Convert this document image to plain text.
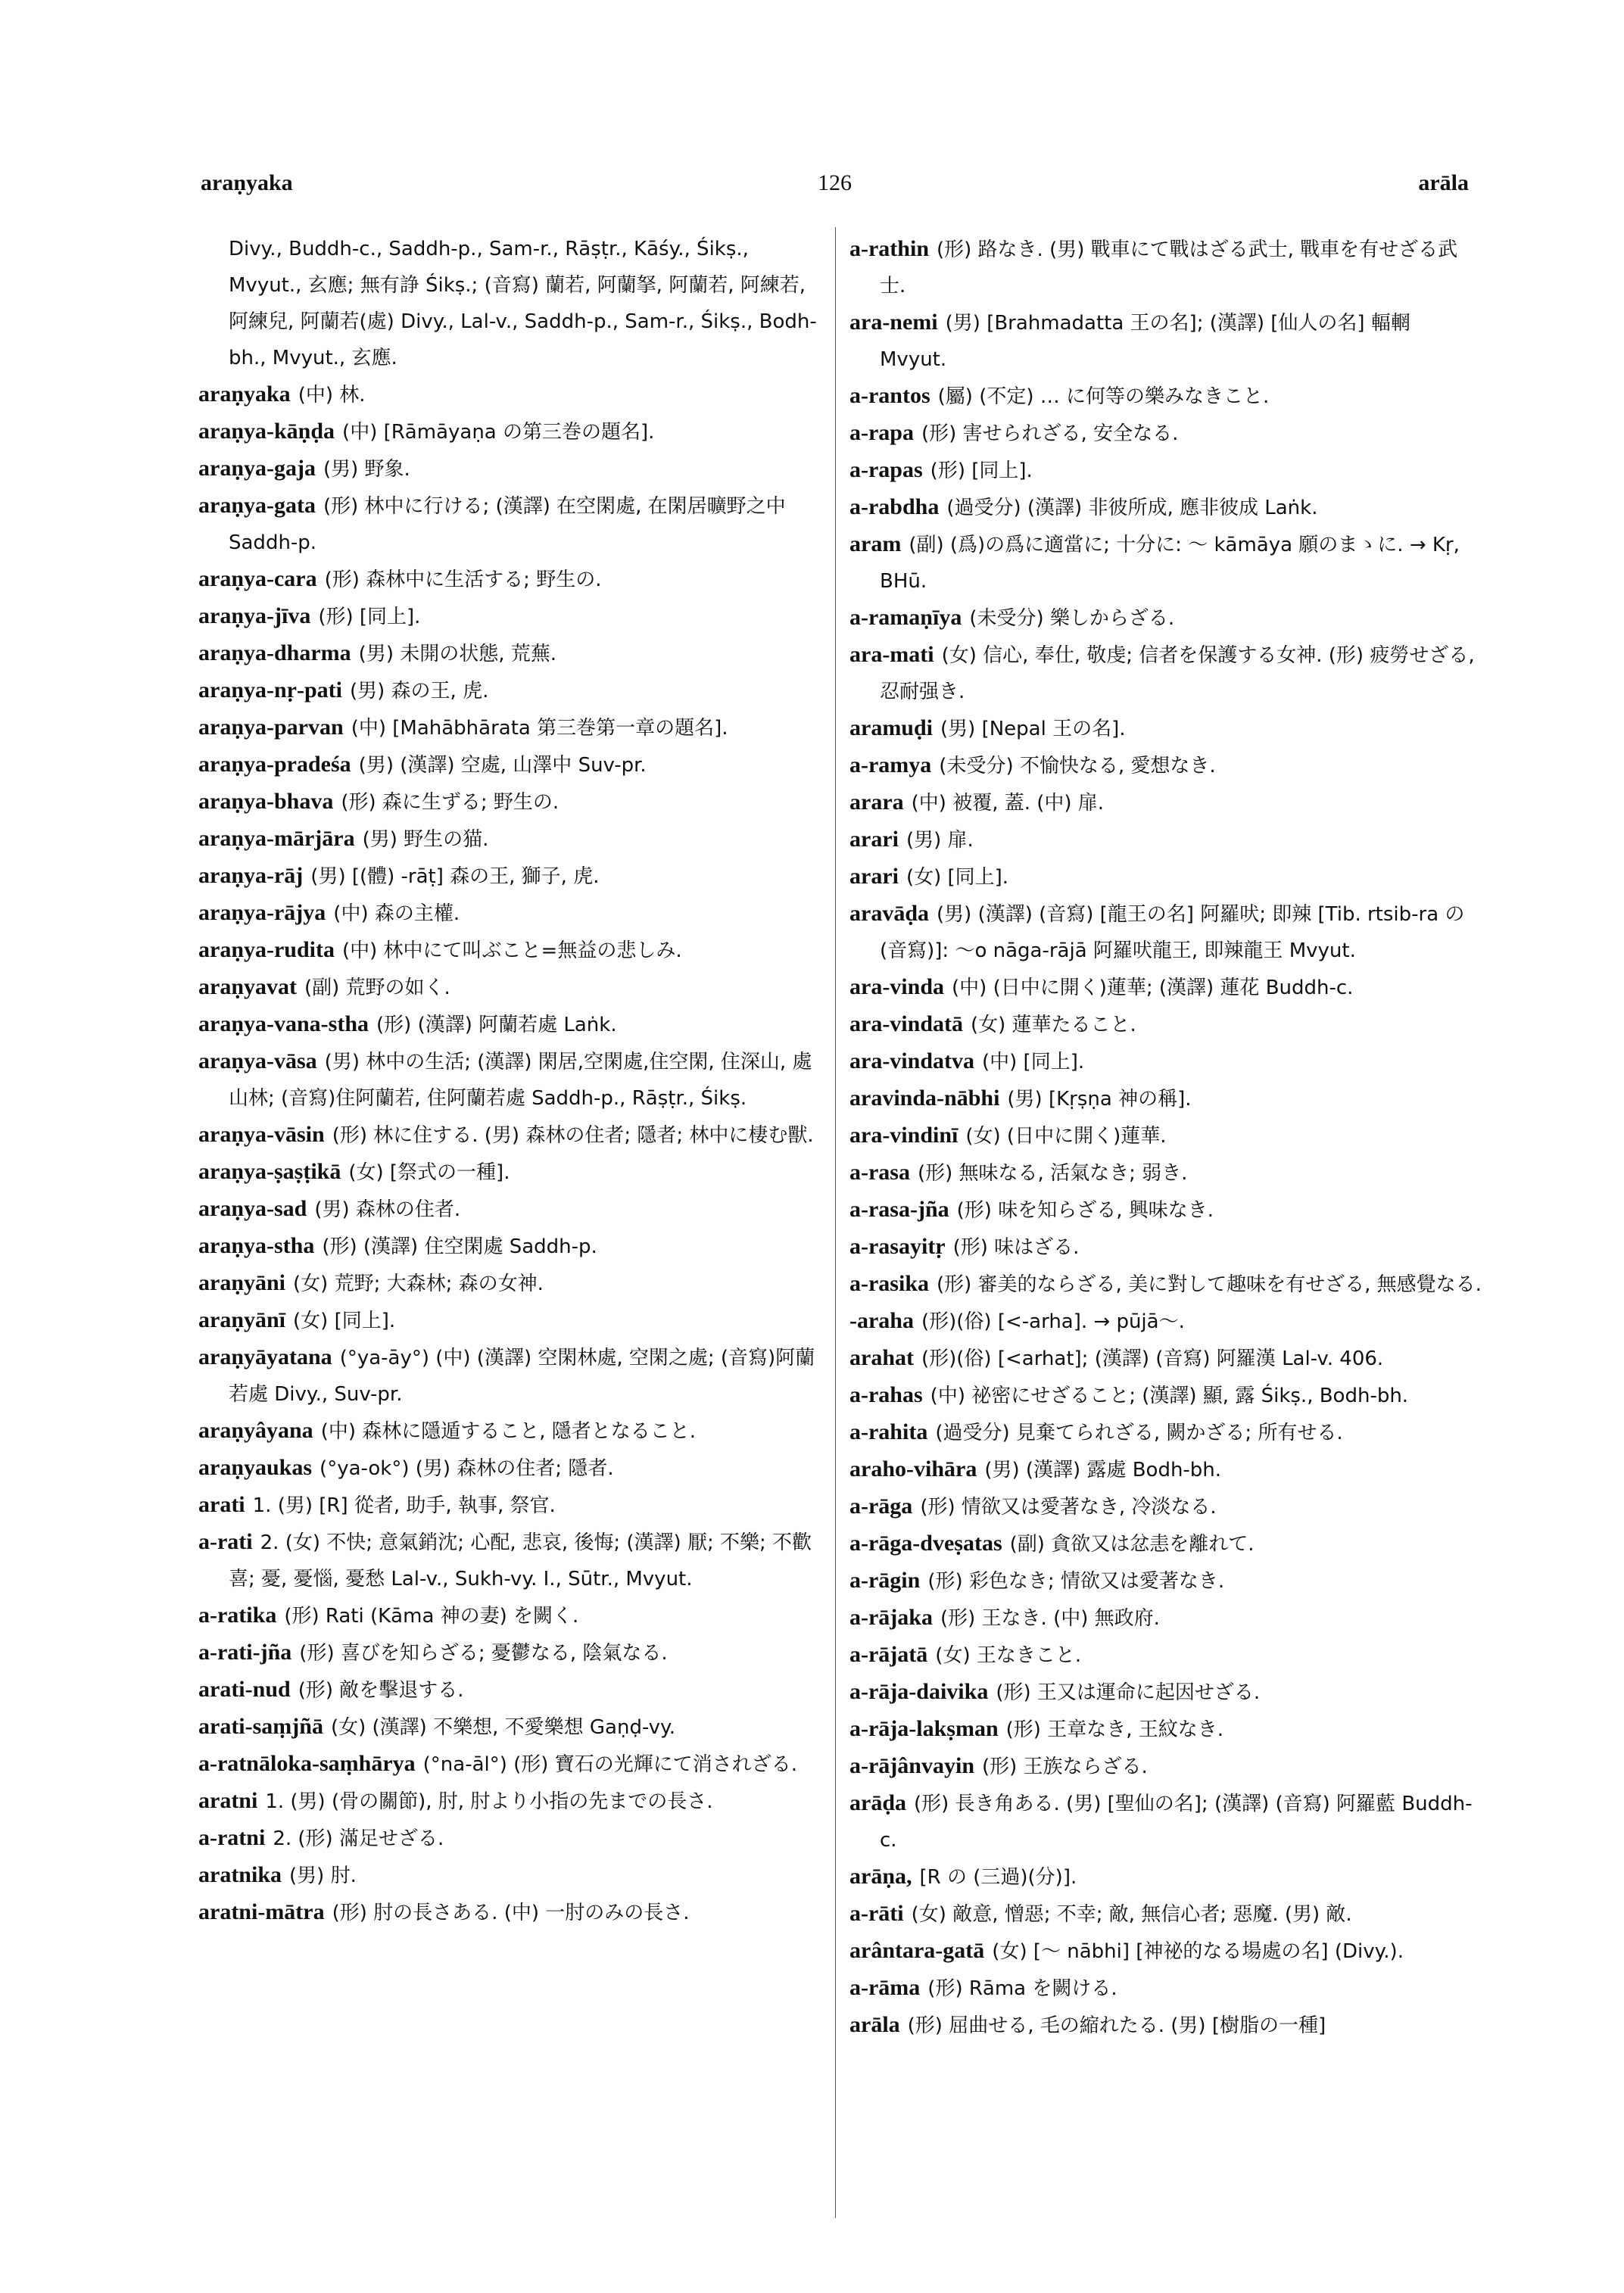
araṇyaka	126	arāla
Divy., Buddh-c., Saddh-p., Sam-r., Rāṣṭr., Kāśy., Śikṣ., Mvyut., 玄應; 無有諍 Śikṣ.; (音寫) 蘭若, 阿蘭拏, 阿蘭若, 阿練若, 阿練兒, 阿蘭若(處) Divy., Lal-v., Saddh-p., Sam-r., Śikṣ., Bodh-bh., Mvyut., 玄應.
araṇyaka (中) 林.
araṇya-kāṇḍa (中) [Rāmāyaṇa の第三巻の題名].
araṇya-gaja (男) 野象.
araṇya-gata (形) 林中に行ける; (漢譯) 在空閑處, 在閑居曠野之中 Saddh-p.
araṇya-cara (形) 森林中に生活する; 野生の.
araṇya-jīva (形) [同上].
araṇya-dharma (男) 未開の状態, 荒蕪.
araṇya-nṛ-pati (男) 森の王, 虎.
araṇya-parvan (中) [Mahābhārata 第三巻第一章の題名].
araṇya-pradeśa (男) (漢譯) 空處, 山澤中 Suv-pr.
araṇya-bhava (形) 森に生ずる; 野生の.
araṇya-mārjāra (男) 野生の猫.
araṇya-rāj (男) [(體) -rāṭ] 森の王, 獅子, 虎.
araṇya-rājya (中) 森の主權.
araṇya-rudita (中) 林中にて叫ぶこと=無益の悲しみ.
araṇyavat (副) 荒野の如く.
araṇya-vana-stha (形) (漢譯) 阿蘭若處 Laṅk.
araṇya-vāsa (男) 林中の生活; (漢譯) 閑居,空閑處,住空閑, 住深山, 處山林; (音寫)住阿蘭若, 住阿蘭若處 Saddh-p., Rāṣṭr., Śikṣ.
araṇya-vāsin (形) 林に住する. (男) 森林の住者; 隱者; 林中に棲む獸.
araṇya-ṣaṣṭikā (女) [祭式の一種].
araṇya-sad (男) 森林の住者.
araṇya-stha (形) (漢譯) 住空閑處 Saddh-p.
araṇyāni (女) 荒野; 大森林; 森の女神.
araṇyānī (女) [同上].
araṇyāyatana (°ya-āy°) (中) (漢譯) 空閑林處, 空閑之處; (音寫)阿蘭若處 Divy., Suv-pr.
araṇyâyana (中) 森林に隱遁すること, 隱者となること.
araṇyaukas (°ya-ok°) (男) 森林の住者; 隱者.
arati 1. (男) [R] 從者, 助手, 執事, 祭官.
a-rati 2. (女) 不快; 意氣銷沈; 心配, 悲哀, 後悔; (漢譯) 厭; 不樂; 不歡喜; 憂, 憂惱, 憂愁 Lal-v., Sukh-vy. I., Sūtr., Mvyut.
a-ratika (形) Rati (Kāma 神の妻) を闕く.
a-rati-jña (形) 喜びを知らざる; 憂鬱なる, 陰氣なる.
arati-nud (形) 敵を擊退する.
arati-saṃjñā (女) (漢譯) 不樂想, 不愛樂想 Gaṇḍ-vy.
a-ratnāloka-saṃhārya (°na-āl°) (形) 寶石の光輝にて消されざる.
aratni 1. (男) (骨の關節), 肘, 肘より小指の先までの長さ.
a-ratni 2. (形) 滿足せざる.
aratnika (男) 肘.
aratni-mātra (形) 肘の長さある. (中) 一肘のみの長さ.
a-rathin (形) 路なき. (男) 戰車にて戰はざる武士, 戰車を有せざる武士.
ara-nemi (男) [Brahmadatta 王の名]; (漢譯) [仙人の名] 輻輞 Mvyut.
a-rantos (屬) (不定) … に何等の樂みなきこと.
a-rapa (形) 害せられざる, 安全なる.
a-rapas (形) [同上].
a-rabdha (過受分) (漢譯) 非彼所成, 應非彼成 Laṅk.
aram (副) (爲)の爲に適當に; 十分に: ～ kāmāya 願のまゝに. → Kṛ, BHū.
a-ramaṇīya (未受分) 樂しからざる.
ara-mati (女) 信心, 奉仕, 敬虔; 信者を保護する女神. (形) 疲勞せざる, 忍耐强き.
aramuḍi (男) [Nepal 王の名].
a-ramya (未受分) 不愉快なる, 愛想なき.
arara (中) 被覆, 蓋. (中) 扉.
arari (男) 扉.
arari (女) [同上].
aravāḍa (男) (漢譯) (音寫) [龍王の名] 阿羅吠; 即辣 [Tib. rtsib-ra の (音寫)]: ～o nāga-rājā 阿羅吠龍王, 即辣龍王 Mvyut.
ara-vinda (中) (日中に開く)蓮華; (漢譯) 蓮花 Buddh-c.
ara-vindatā (女) 蓮華たること.
ara-vindatva (中) [同上].
aravinda-nābhi (男) [Kṛṣṇa 神の稱].
ara-vindinī (女) (日中に開く)蓮華.
a-rasa (形) 無味なる, 活氣なき; 弱き.
a-rasa-jña (形) 味を知らざる, 興味なき.
a-rasayitṛ (形) 味はざる.
a-rasika (形) 審美的ならざる, 美に對して趣味を有せざる, 無感覺なる.
-araha (形)(俗) [<-arha]. → pūjā～.
arahat (形)(俗) [<arhat]; (漢譯) (音寫) 阿羅漢 Lal-v. 406.
a-rahas (中) 祕密にせざること; (漢譯) 顯, 露 Śikṣ., Bodh-bh.
a-rahita (過受分) 見棄てられざる, 闕かざる; 所有せる.
araho-vihāra (男) (漢譯) 露處 Bodh-bh.
a-rāga (形) 情欲又は愛著なき, 冷淡なる.
a-rāga-dveṣatas (副) 貪欲又は忿恚を離れて.
a-rāgin (形) 彩色なき; 情欲又は愛著なき.
a-rājaka (形) 王なき. (中) 無政府.
a-rājatā (女) 王なきこと.
a-rāja-daivika (形) 王又は運命に起因せざる.
a-rāja-lakṣman (形) 王章なき, 王紋なき.
a-rājânvayin (形) 王族ならざる.
arāḍa (形) 長き角ある. (男) [聖仙の名]; (漢譯) (音寫) 阿羅藍 Buddh-c.
arāṇa, [R の (三過)(分)].
a-rāti (女) 敵意, 憎惡; 不幸; 敵, 無信心者; 惡魔. (男) 敵.
arântara-gatā (女) [～ nābhi] [神祕的なる場處の名] (Divy.).
a-rāma (形) Rāma を闕ける.
arāla (形) 屈曲せる, 毛の縮れたる. (男) [樹脂の一種]
